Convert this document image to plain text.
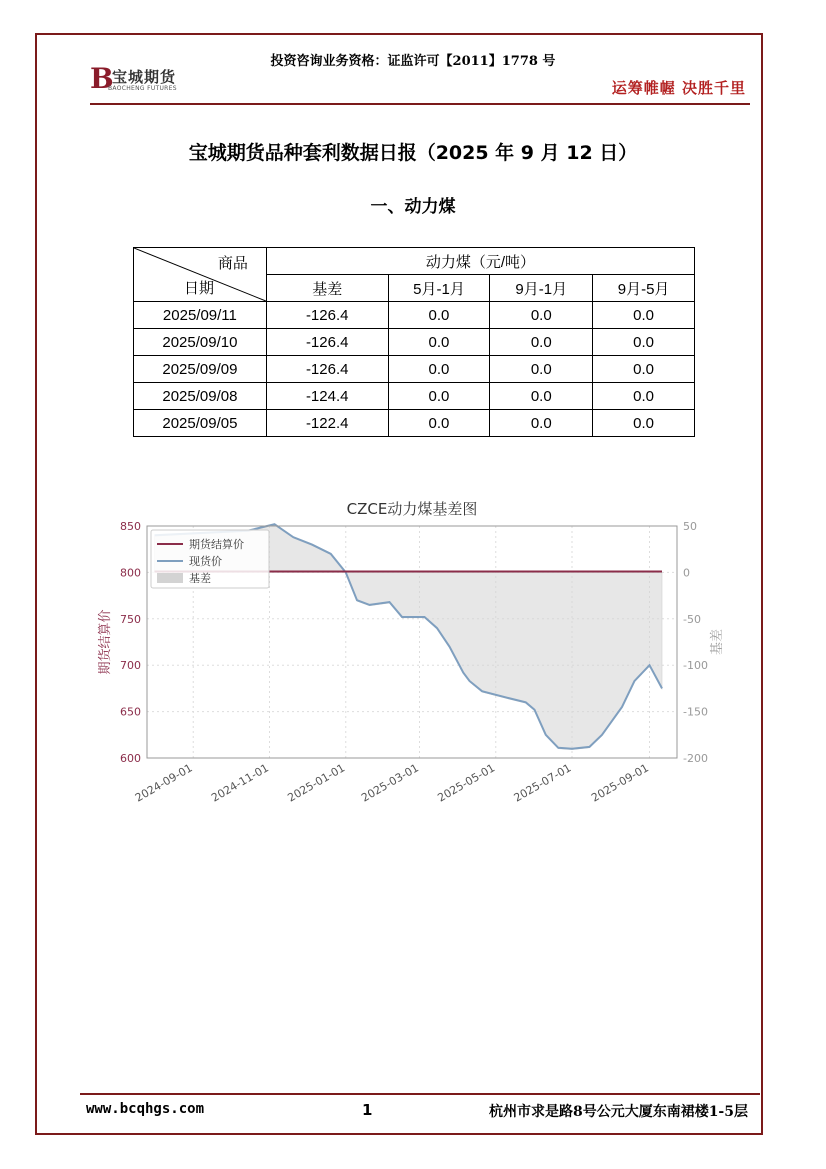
投资咨询业务资格：证监许可【2011】1778 号
B
宝城期货
BAOCHENG FUTURES	运筹帷幄 决胜千里
宝城期货品种套利数据日报（2025 年 9 月 12 日）
一、动力煤
商品
日期	动力煤（元/吨）			
	基差	5月-1月	9月-1月	9月-5月
2025/09/11	-126.4	0.0	0.0	0.0
2025/09/10	-126.4	0.0	0.0	0.0
2025/09/09	-126.4	0.0	0.0	0.0
2025/09/08	-124.4	0.0	0.0	0.0
2025/09/05	-122.4	0.0	0.0	0.0
CZCE动力煤基差图
600
650
700
750
800
850
-200
-150
-100
-50
0
50
2024-09-01 2024-11-01 2025-01-01 2025-03-01 2025-05-01 2025-07-01 2025-09-01
期货结算价	基差
期货结算价
现货价
基差
www.bcqhgs.com	1	杭州市求是路8号公元大厦东南裙楼1-5层
